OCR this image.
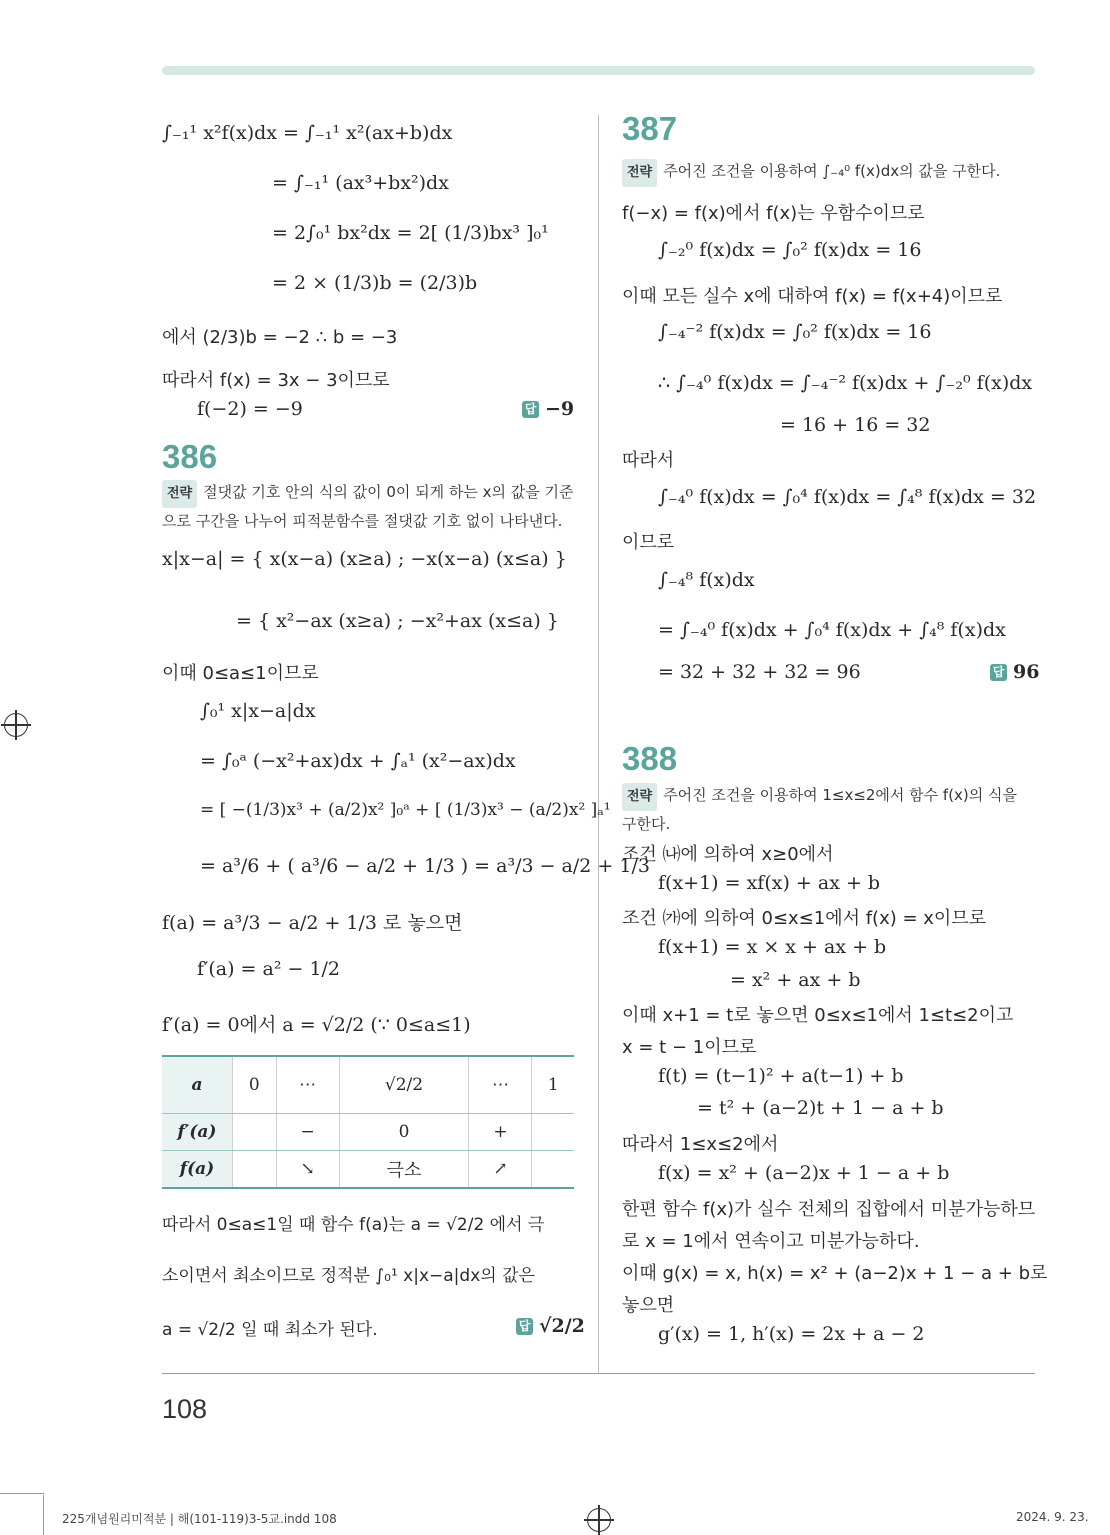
∫₋₁¹ x²f(x)dx = ∫₋₁¹ x²(ax+b)dx
= ∫₋₁¹ (ax³+bx²)dx
= 2∫₀¹ bx²dx = 2[ (1/3)bx³ ]₀¹
= 2 × (1/3)b = (2/3)b
에서 (2/3)b = −2 ∴ b = −3
따라서 f(x) = 3x − 3이므로
f(−2) = −9	답 −9
386
전략 절댓값 기호 안의 식의 값이 0이 되게 하는 x의 값을 기준으로 구간을 나누어 피적분함수를 절댓값 기호 없이 나타낸다.
x|x−a| = { x(x−a) (x≥a) ; −x(x−a) (x≤a) }
= { x²−ax (x≥a) ; −x²+ax (x≤a) }
이때 0≤a≤1이므로
∫₀¹ x|x−a|dx
= ∫₀ᵃ (−x²+ax)dx + ∫ₐ¹ (x²−ax)dx
= [ −(1/3)x³ + (a/2)x² ]₀ᵃ + [ (1/3)x³ − (a/2)x² ]ₐ¹
= a³/6 + ( a³/6 − a/2 + 1/3 ) = a³/3 − a/2 + 1/3
f(a) = a³/3 − a/2 + 1/3 로 놓으면
f′(a) = a² − 1/2
f′(a) = 0에서 a = √2/2 (∵ 0≤a≤1)
a	0	⋯	√2/2	⋯	1
f′(a)		−	0	+	
f(a)		↘	극소	↗	
따라서 0≤a≤1일 때 함수 f(a)는 a = √2/2 에서 극
소이면서 최소이므로 정적분 ∫₀¹ x|x−a|dx의 값은
a = √2/2 일 때 최소가 된다.	답 √2/2
387
전략 주어진 조건을 이용하여 ∫₋₄⁰ f(x)dx의 값을 구한다.
f(−x) = f(x)에서 f(x)는 우함수이므로
∫₋₂⁰ f(x)dx = ∫₀² f(x)dx = 16
이때 모든 실수 x에 대하여 f(x) = f(x+4)이므로
∫₋₄⁻² f(x)dx = ∫₀² f(x)dx = 16
∴ ∫₋₄⁰ f(x)dx = ∫₋₄⁻² f(x)dx + ∫₋₂⁰ f(x)dx
= 16 + 16 = 32
따라서
∫₋₄⁰ f(x)dx = ∫₀⁴ f(x)dx = ∫₄⁸ f(x)dx = 32
이므로
∫₋₄⁸ f(x)dx
= ∫₋₄⁰ f(x)dx + ∫₀⁴ f(x)dx + ∫₄⁸ f(x)dx
= 32 + 32 + 32 = 96	답 96
388
전략 주어진 조건을 이용하여 1≤x≤2에서 함수 f(x)의 식을 구한다.
조건 ㈏에 의하여 x≥0에서
f(x+1) = xf(x) + ax + b
조건 ㈎에 의하여 0≤x≤1에서 f(x) = x이므로
f(x+1) = x × x + ax + b
= x² + ax + b
이때 x+1 = t로 놓으면 0≤x≤1에서 1≤t≤2이고
x = t − 1이므로
f(t) = (t−1)² + a(t−1) + b
= t² + (a−2)t + 1 − a + b
따라서 1≤x≤2에서
f(x) = x² + (a−2)x + 1 − a + b
한편 함수 f(x)가 실수 전체의 집합에서 미분가능하므
로 x = 1에서 연속이고 미분가능하다.
이때 g(x) = x, h(x) = x² + (a−2)x + 1 − a + b로
놓으면
g′(x) = 1, h′(x) = 2x + a − 2
108
225개념원리미적분 | 해(101-119)3-5교.indd 108	2024. 9. 23.
